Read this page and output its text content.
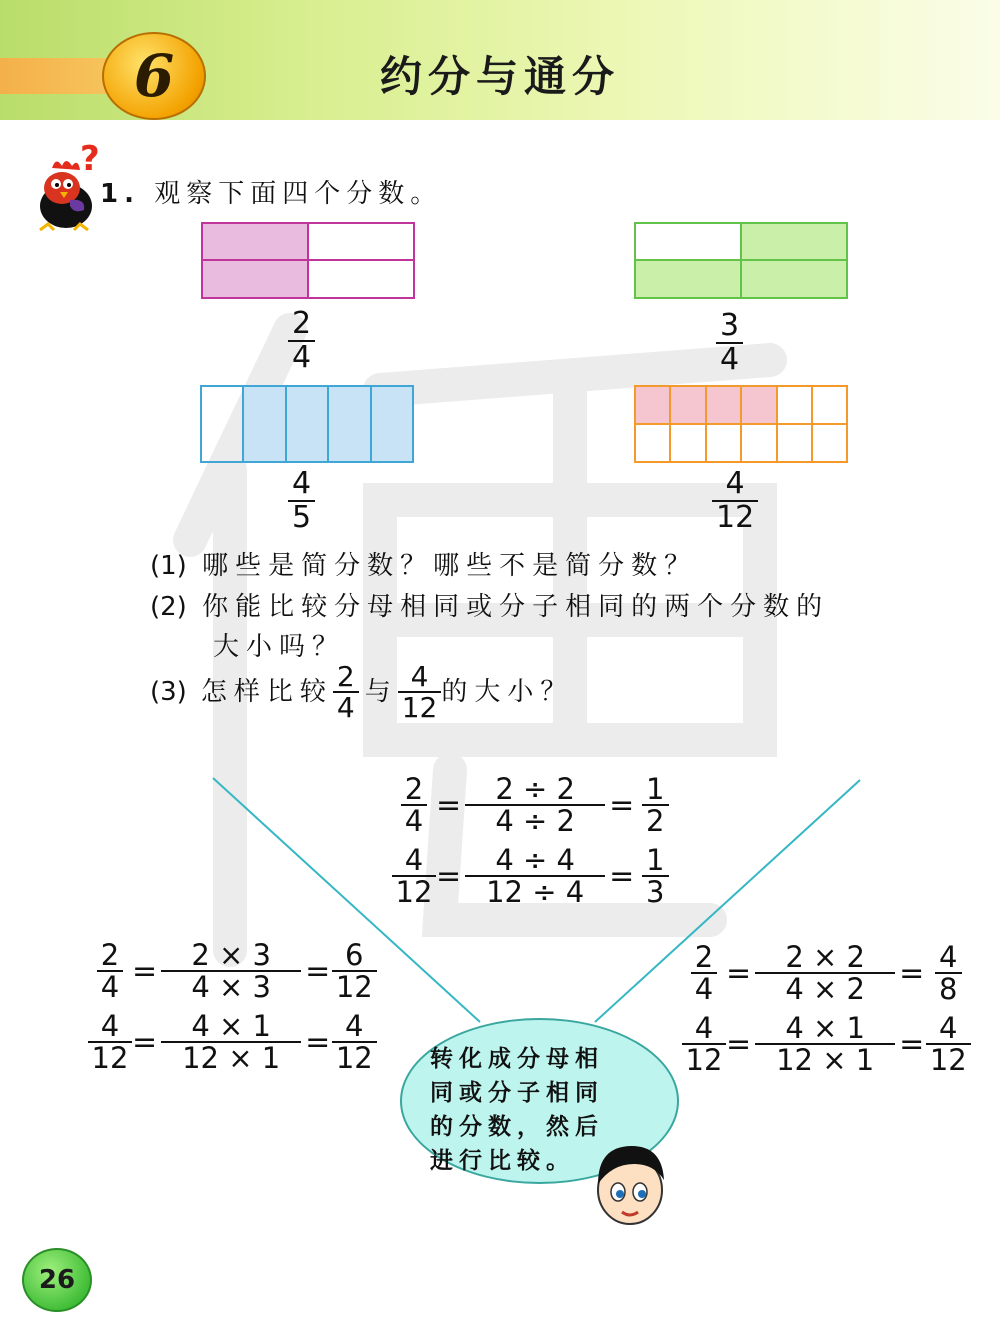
6	约分与通分
?
1. 观察下面四个分数。
$\frac{2}{4}$	$\frac{3}{4}$
$\frac{4}{5}$	$\frac{4}{12}$
(1) 哪些是简分数？哪些不是简分数？
(2) 你能比较分母相同或分子相同的两个分数的
大小吗？
(3) 怎样比较 $\frac{2}{4}$ 与 $\frac{4}{12}$ 的大小？
$\frac{2}{4} = \frac{2 \div 2}{4 \div 2} = \frac{1}{2}$
$\frac{4}{12} = \frac{4 \div 4}{12 \div 4} = \frac{1}{3}$
$\frac{2}{4} = \frac{2 \times 3}{4 \times 3} = \frac{6}{12}$
$\frac{4}{12} = \frac{4 \times 1}{12 \times 1} = \frac{4}{12}$
$\frac{2}{4} = \frac{2 \times 2}{4 \times 2} = \frac{4}{8}$
$\frac{4}{12} = \frac{4 \times 1}{12 \times 1} = \frac{4}{12}$
转化成分母相
同或分子相同
的分数，然后
进行比较。
26
